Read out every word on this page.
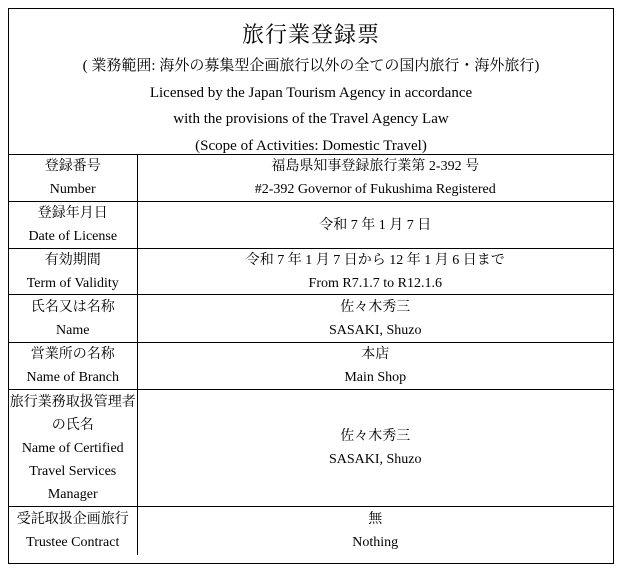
旅行業登録票
( 業務範囲: 海外の募集型企画旅行以外の全ての国内旅行・海外旅行)
Licensed by the Japan Tourism Agency in accordance
with the provisions of the Travel Agency Law
(Scope of Activities: Domestic Travel)
登録番号
Number
福島県知事登録旅行業第 2-392 号
#2-392 Governor of Fukushima Registered
登録年月日
Date of License
令和 7 年 1 月 7 日
有効期間
Term of Validity
令和 7 年 1 月 7 日から 12 年 1 月 6 日まで
From R7.1.7 to R12.1.6
氏名又は名称
Name
佐々木秀三
SASAKI, Shuzo
営業所の名称
Name of Branch
本店
Main Shop
旅行業務取扱管理者
の氏名
Name of Certified
Travel Services
Manager
佐々木秀三
SASAKI, Shuzo
受託取扱企画旅行
Trustee Contract
無
Nothing
